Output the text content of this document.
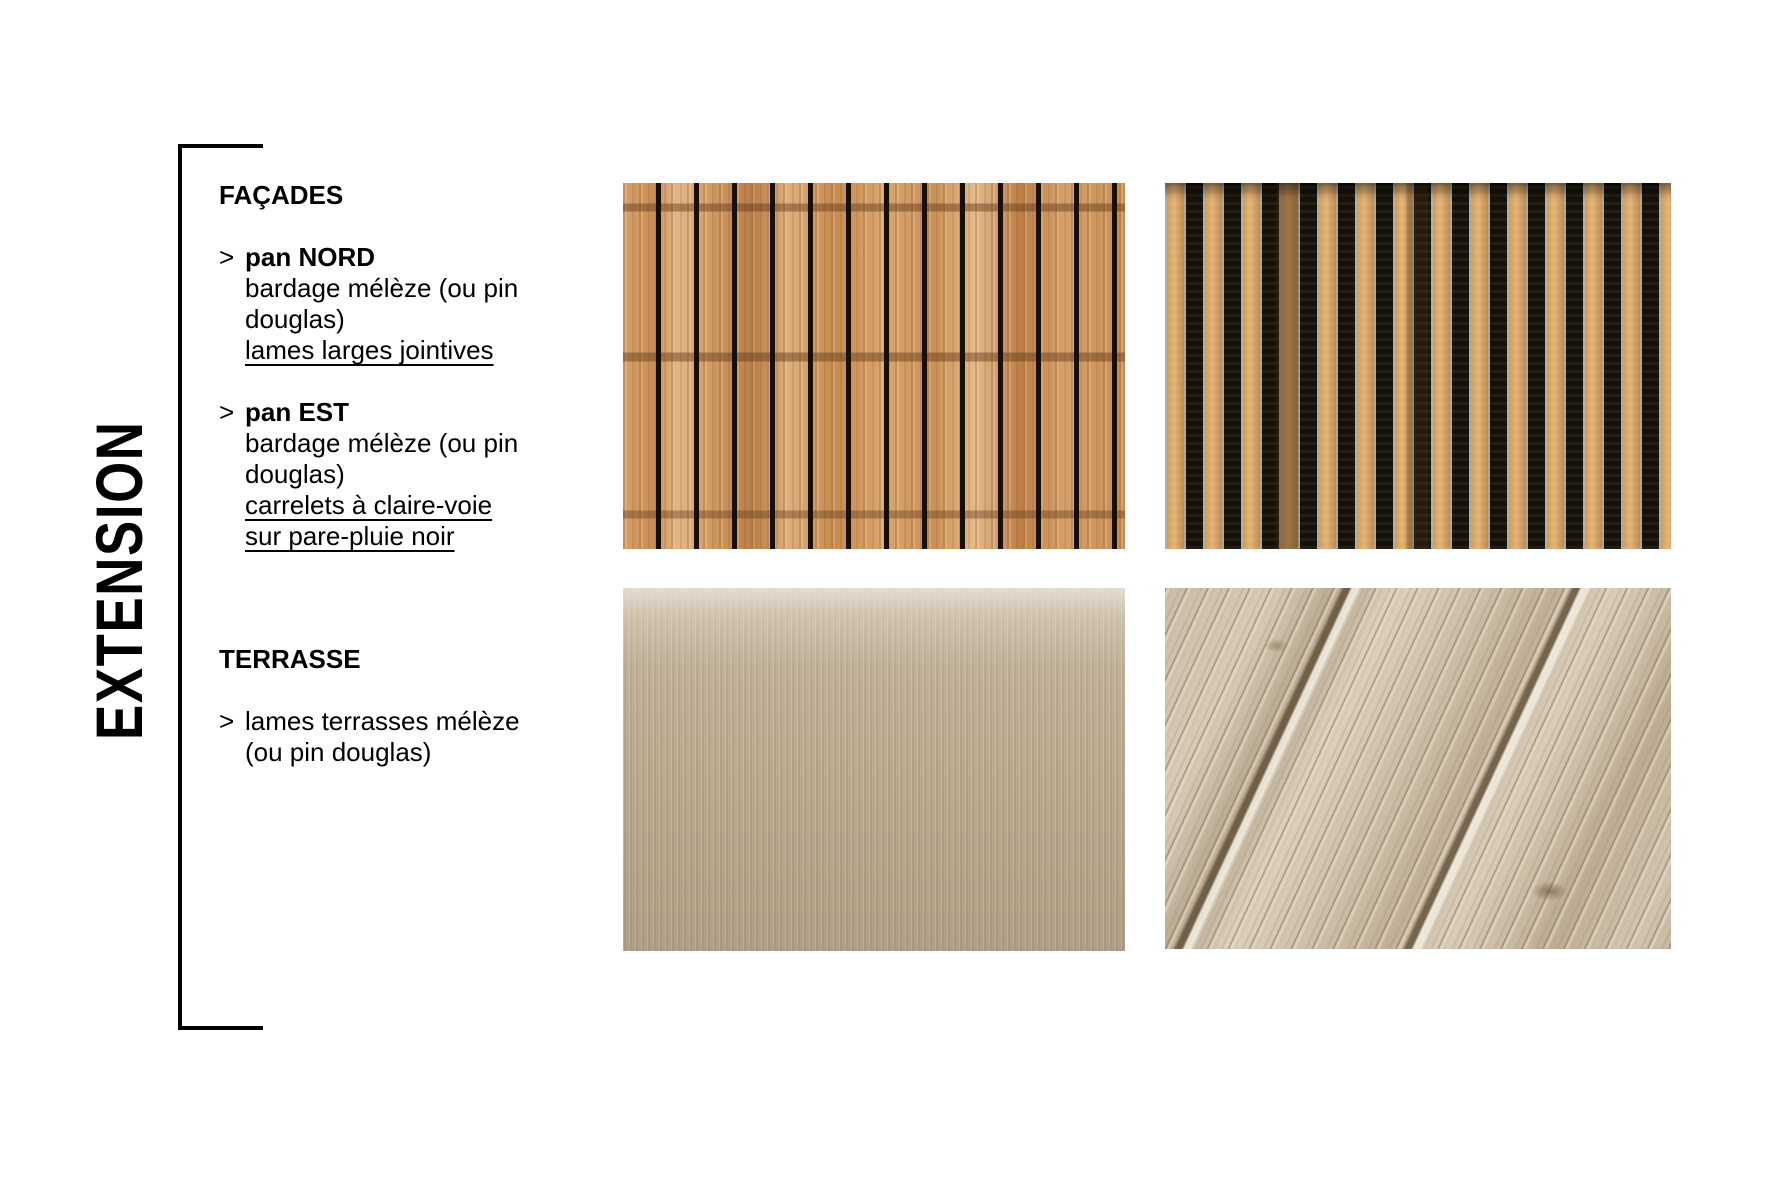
EXTENSION
FAÇADES
> pan NORD
bardage mélèze (ou pin douglas)
lames larges jointives
> pan EST
bardage mélèze (ou pin douglas)
carrelets à claire-voie
sur pare-pluie noir
TERRASSE
> lames terrasses mélèze
(ou pin douglas)
